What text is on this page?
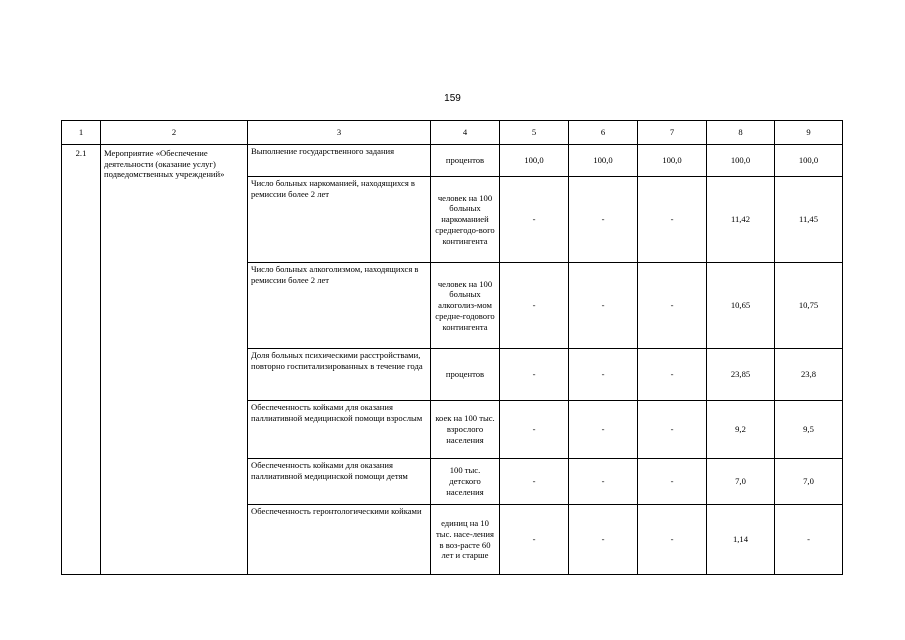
159
1	2	3	4	5	6	7	8	9
2.1	Мероприятие «Обеспечение деятельности (оказание услуг) подведомственных учреждений»	Выполнение государственного задания	процентов	100,0	100,0	100,0	100,0	100,0
		Число больных наркоманией, находящихся в ремиссии более 2 лет	человек на 100 больных наркоманией среднегодо-вого контингента	-	-	-	11,42	11,45
		Число больных алкоголизмом, находящихся в ремиссии более 2 лет	человек на 100 больных алкоголиз-мом средне-годового контингента	-	-	-	10,65	10,75
		Доля больных психическими расстройствами, повторно госпитализированных в течение года	процентов	-	-	-	23,85	23,8
		Обеспеченность койками для оказания паллиативной медицинской помощи взрослым	коек на 100 тыс. взрослого населения	-	-	-	9,2	9,5
		Обеспеченность койками для оказания паллиативной медицинской помощи детям	100 тыс. детского населения	-	-	-	7,0	7,0
		Обеспеченность геронтологическими койками	единиц на 10 тыс. насе-ления в воз-расте 60 лет и старше	-	-	-	1,14	-
